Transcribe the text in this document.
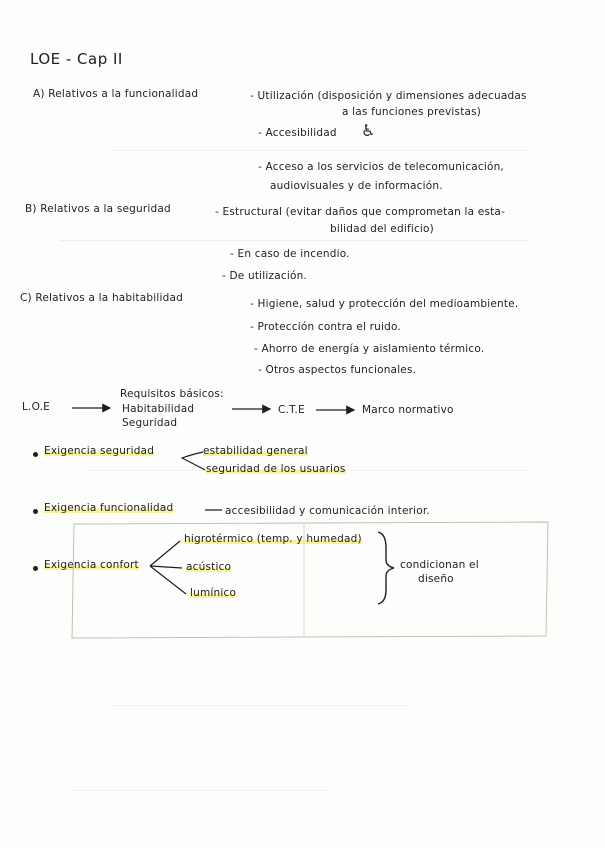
LOE - Cap II
A) Relativos a la funcionalidad	- Utilización (disposición y dimensiones adecuadas
a las funciones previstas)
- Accesibilidad ♿
- Acceso a los servicios de telecomunicación,
audiovisuales y de información.
B) Relativos a la seguridad	- Estructural (evitar daños que comprometan la esta-
bilidad del edificio)
- En caso de incendio.
- De utilización.
C) Relativos a la habitabilidad	- Higiene, salud y protección del medioambiente.
- Protección contra el ruido.
- Ahorro de energía y aislamiento térmico.
- Otros aspectos funcionales.
L.O.E
Requisitos básicos:
Habitabilidad
Seguridad
C.T.E	Marco normativo
Exigencia seguridad	estabilidad general
seguridad de los usuarios
Exigencia funcionalidad	accesibilidad y comunicación interior.
Exigencia confort
higrotérmico (temp. y humedad)
acústico
lumínico
condicionan el
diseño
